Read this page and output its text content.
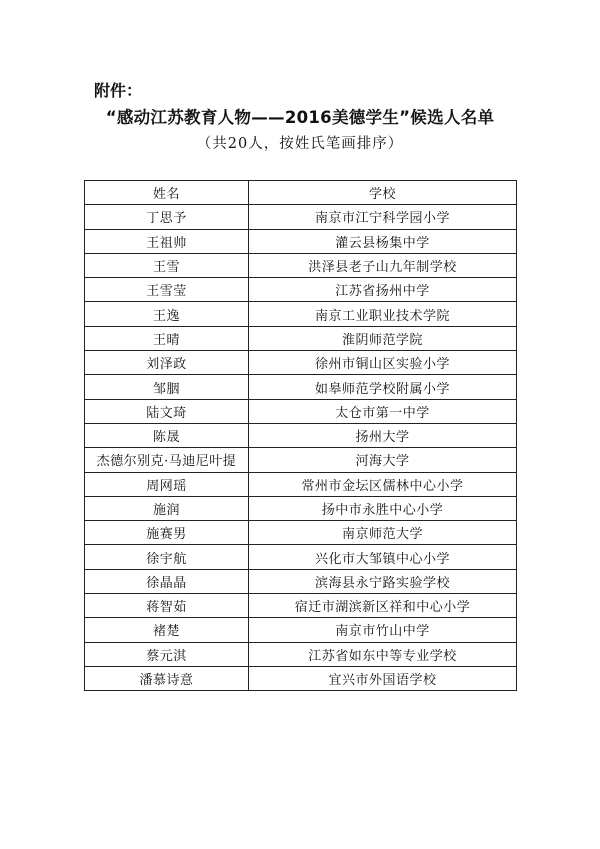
附件：
“感动江苏教育人物——2016美德学生”候选人名单
（共20人，按姓氏笔画排序）
姓名	学校
丁思予	南京市江宁科学园小学
王祖帅	灌云县杨集中学
王雪	洪泽县老子山九年制学校
王雪莹	江苏省扬州中学
王逸	南京工业职业技术学院
王晴	淮阴师范学院
刘泽政	徐州市铜山区实验小学
邹胭	如皋师范学校附属小学
陆文琦	太仓市第一中学
陈晟	扬州大学
杰德尔别克·马迪尼叶提	河海大学
周网瑶	常州市金坛区儒林中心小学
施润	扬中市永胜中心小学
施赛男	南京师范大学
徐宇航	兴化市大邹镇中心小学
徐晶晶	滨海县永宁路实验学校
蒋智茹	宿迁市湖滨新区祥和中心小学
褚楚	南京市竹山中学
蔡元淇	江苏省如东中等专业学校
潘慕诗意	宜兴市外国语学校
